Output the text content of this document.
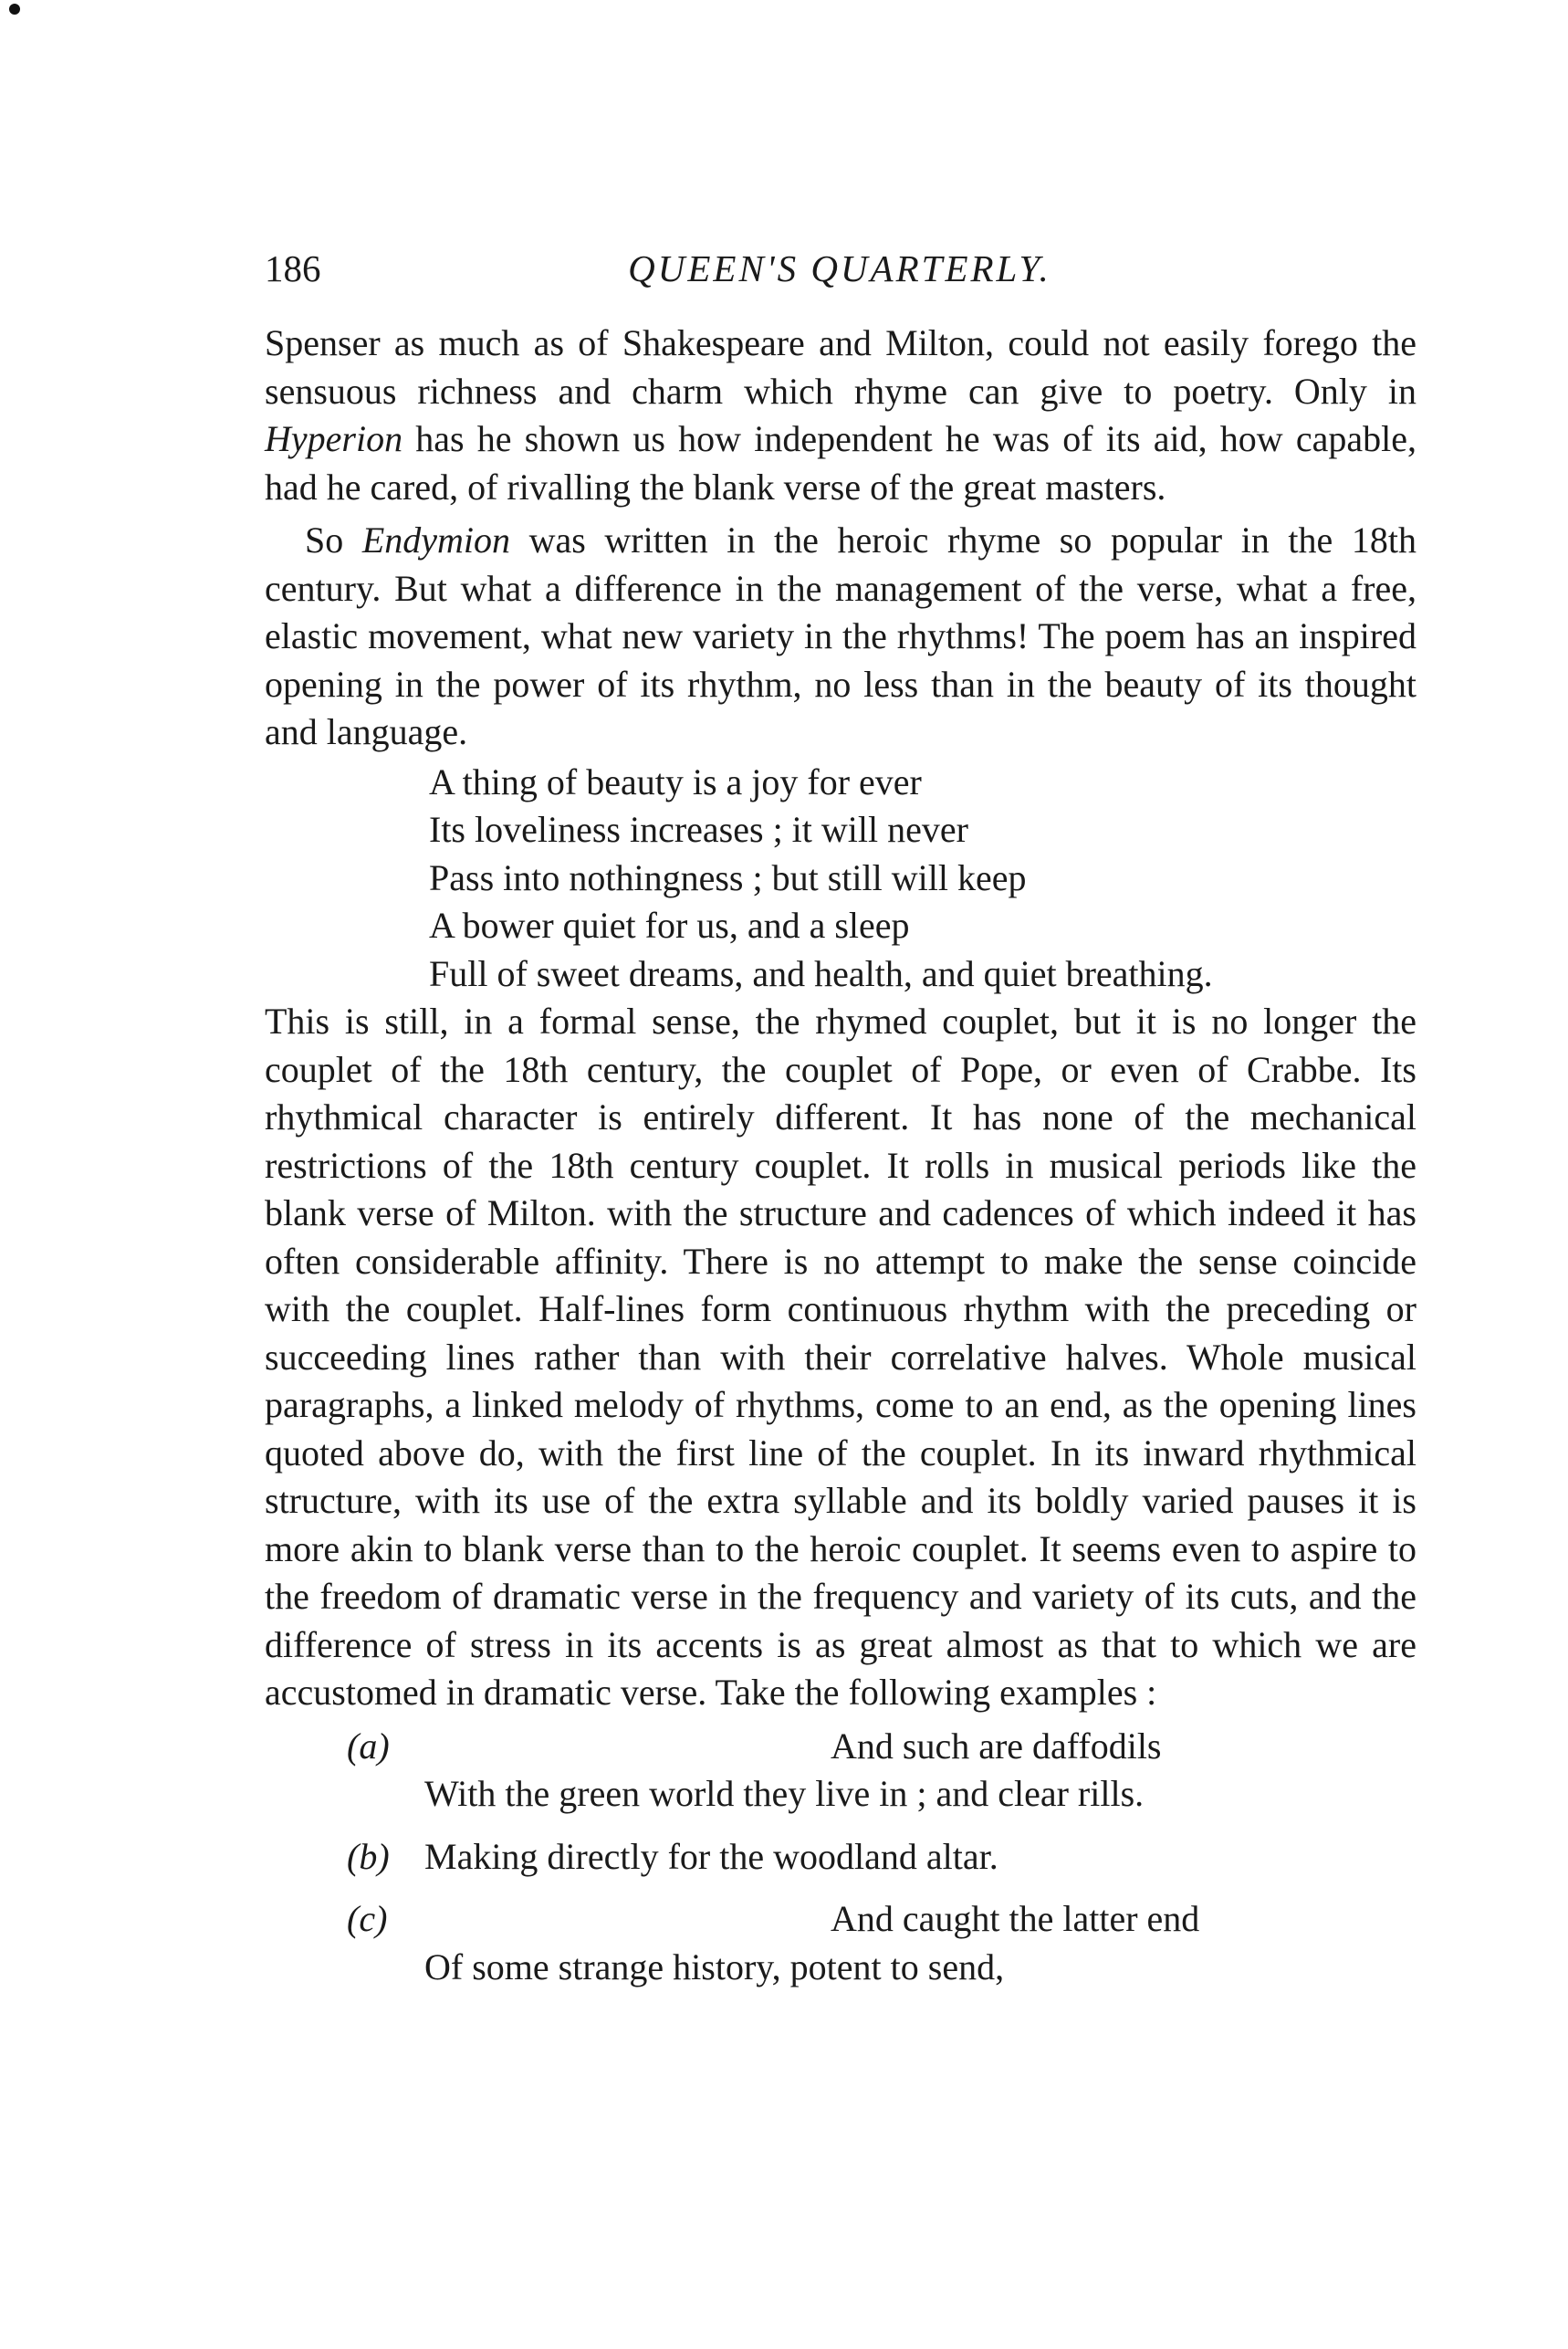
186	QUEEN'S QUARTERLY.

Spenser as much as of Shakespeare and Milton, could not easily forego the sensuous richness and charm which rhyme can give to poetry. Only in Hyperion has he shown us how independent he was of its aid, how capable, had he cared, of rivalling the blank verse of the great masters.

So Endymion was written in the heroic rhyme so popular in the 18th century. But what a difference in the management of the verse, what a free, elastic movement, what new variety in the rhythms! The poem has an inspired opening in the power of its rhythm, no less than in the beauty of its thought and language.

A thing of beauty is a joy for ever
Its loveliness increases ; it will never
Pass into nothingness ; but still will keep
A bower quiet for us, and a sleep
Full of sweet dreams, and health, and quiet breathing.

This is still, in a formal sense, the rhymed couplet, but it is no longer the couplet of the 18th century, the couplet of Pope, or even of Crabbe. Its rhythmical character is entirely different. It has none of the mechanical restrictions of the 18th century couplet. It rolls in musical periods like the blank verse of Milton. with the structure and cadences of which indeed it has often considerable affinity. There is no attempt to make the sense coincide with the couplet. Half-lines form continuous rhythm with the preceding or succeeding lines rather than with their correlative halves. Whole musical paragraphs, a linked melody of rhythms, come to an end, as the opening lines quoted above do, with the first line of the couplet. In its inward rhythmical structure, with its use of the extra syllable and its boldly varied pauses it is more akin to blank verse than to the heroic couplet. It seems even to aspire to the freedom of dramatic verse in the frequency and variety of its cuts, and the difference of stress in its accents is as great almost as that to which we are accustomed in dramatic verse. Take the following examples :

(a)	And such are daffodils
With the green world they live in ; and clear rills.
(b) Making directly for the woodland altar.
(c)	And caught the latter end
Of some strange history, potent to send,
